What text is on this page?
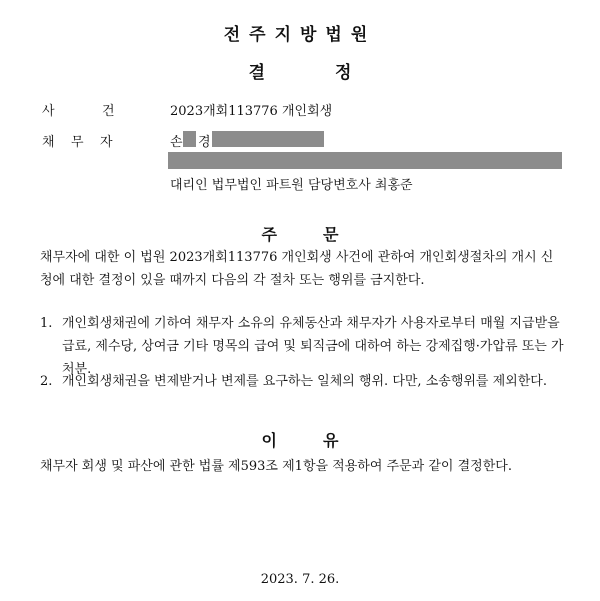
전주지방법원
결	정
사	건	2023개회113776 개인회생
채 무 자	손 경
대리인 법무법인 파트원 담당변호사 최홍준
주	문
채무자에 대한 이 법원 2023개회113776 개인회생 사건에 관하여 개인회생절차의 개시 신청에 대한 결정이 있을 때까지 다음의 각 절차 또는 행위를 금지한다.
1. 개인회생채권에 기하여 채무자 소유의 유체동산과 채무자가 사용자로부터 매월 지급받을 급료, 제수당, 상여금 기타 명목의 급여 및 퇴직금에 대하여 하는 강제집행·가압류 또는 가처분.
2. 개인회생채권을 변제받거나 변제를 요구하는 일체의 행위. 다만, 소송행위를 제외한다.
이	유
채무자 회생 및 파산에 관한 법률 제593조 제1항을 적용하여 주문과 같이 결정한다.
2023. 7. 26.
